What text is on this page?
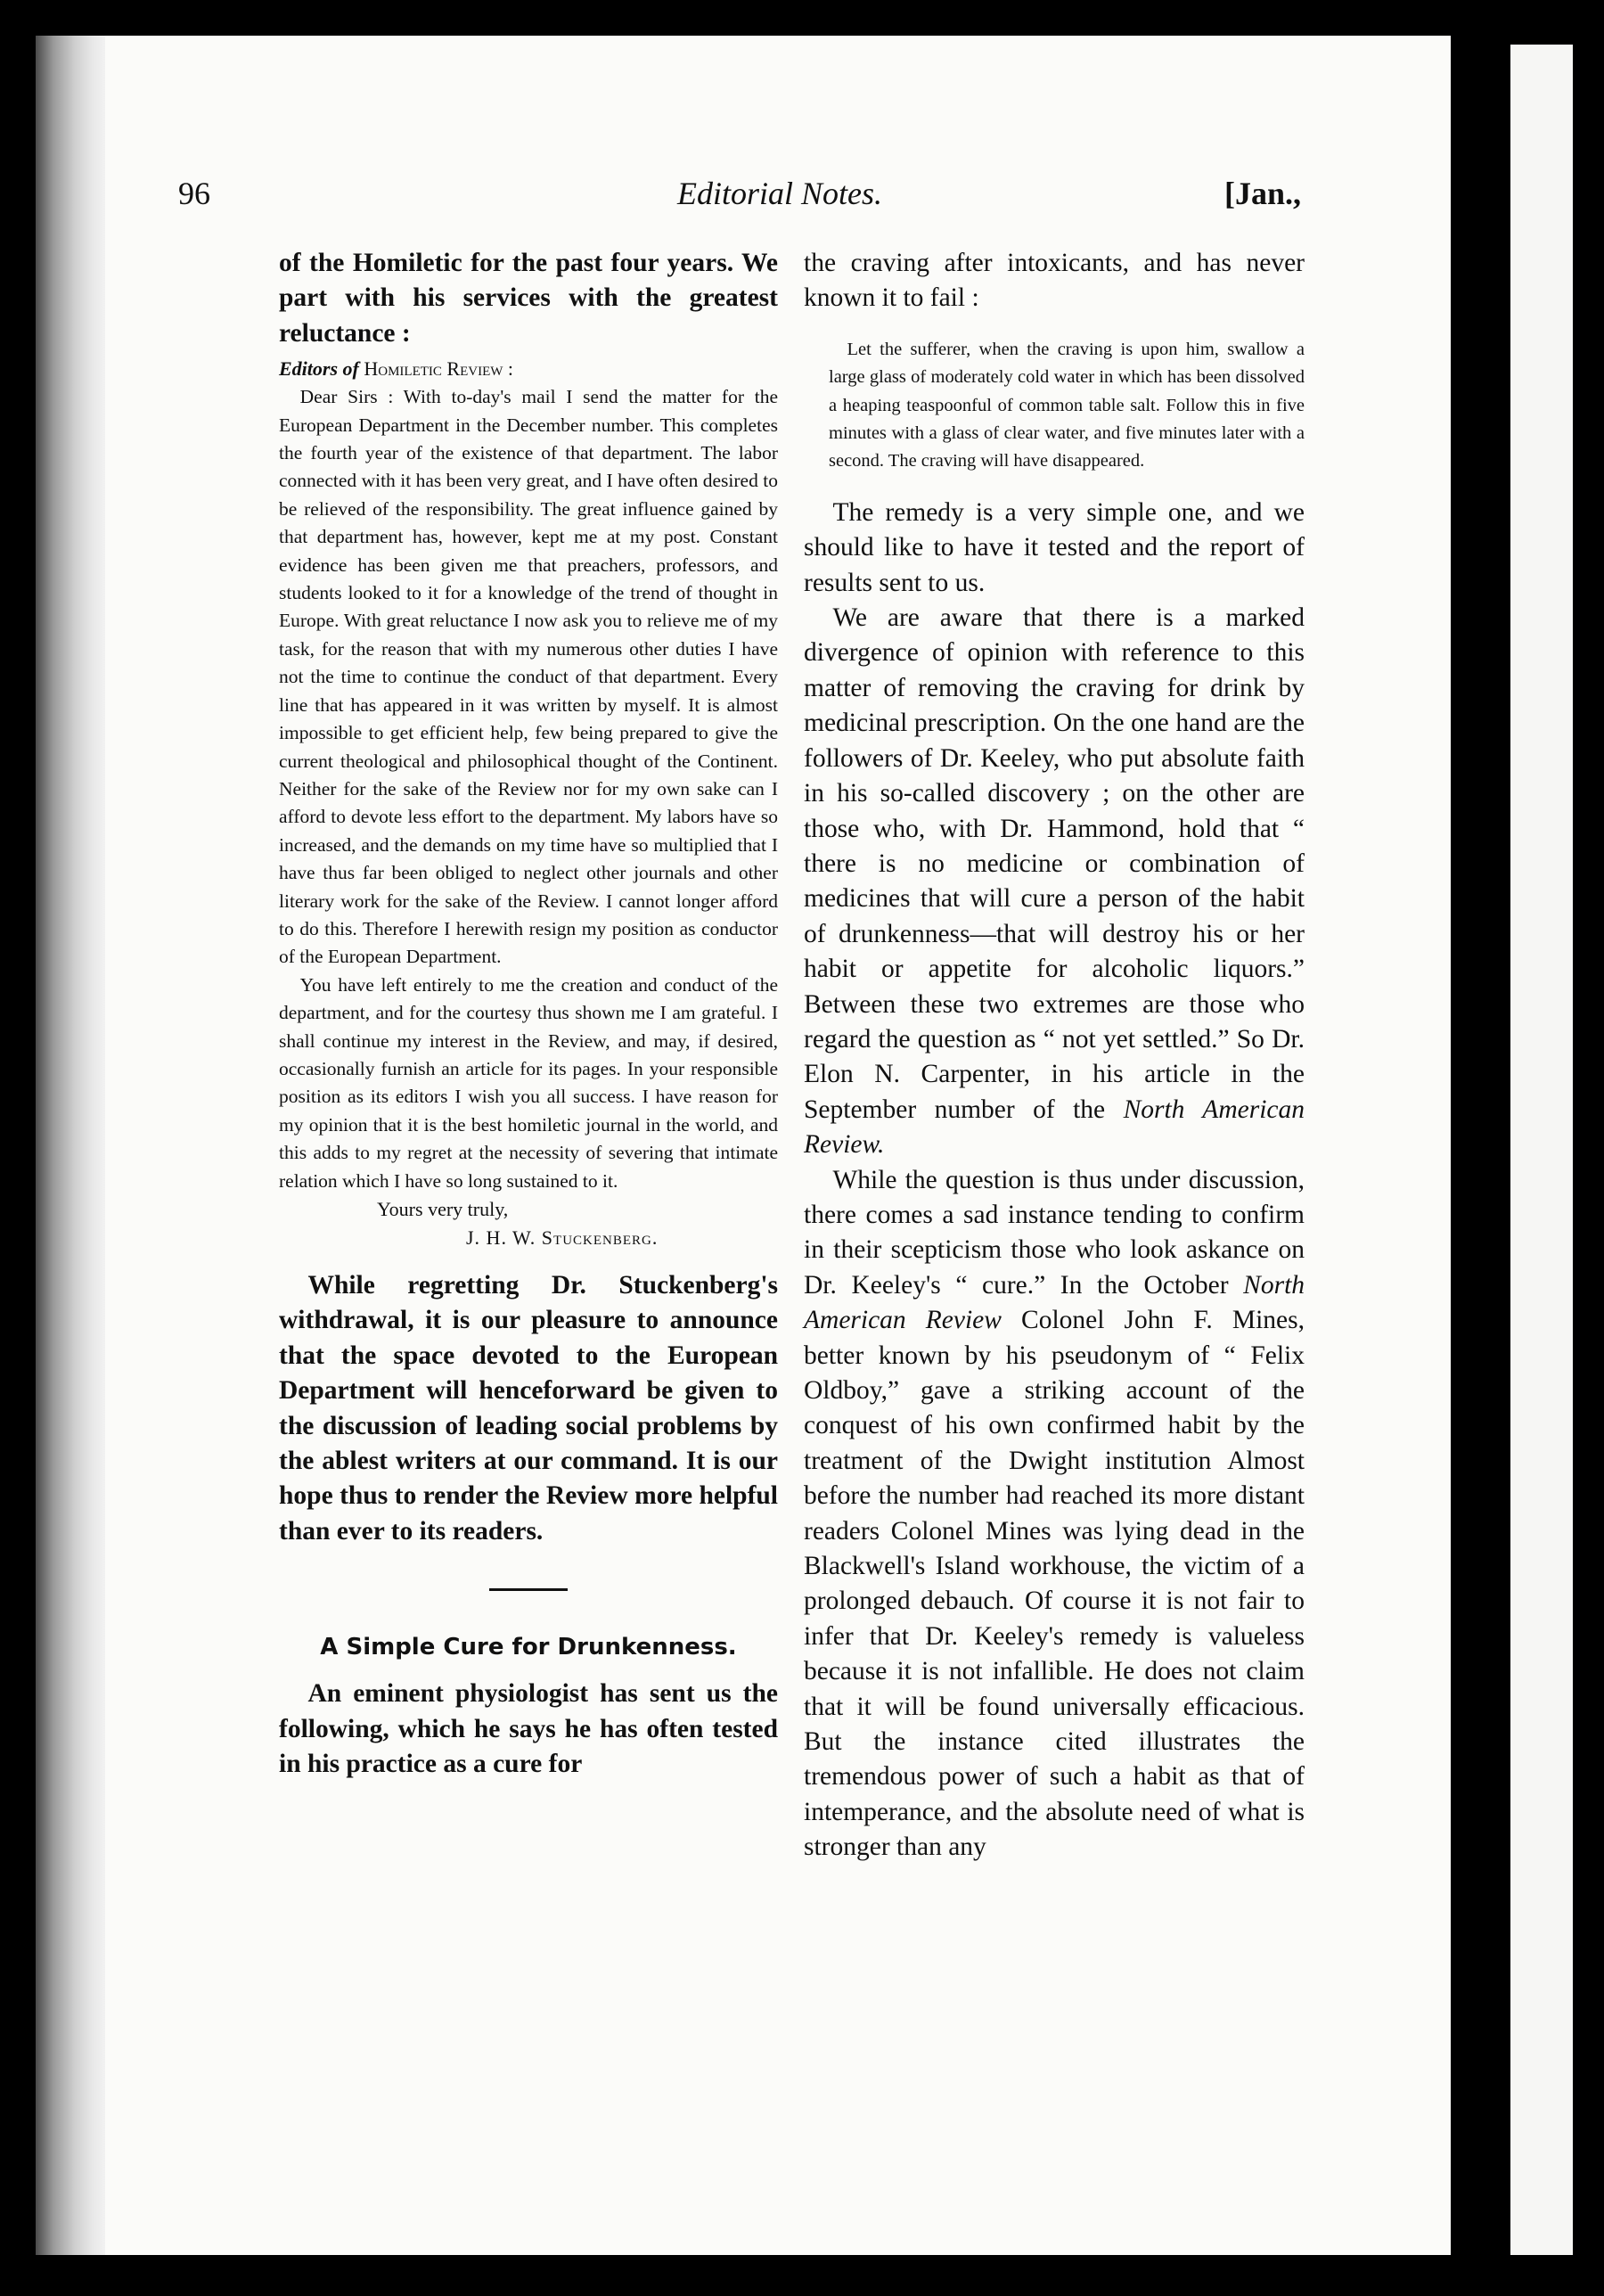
96	Editorial Notes.	[Jan.,

of the Homiletic for the past four years. We part with his services with the greatest reluctance :

Editors of Homiletic Review :

Dear Sirs : With to-day's mail I send the matter for the European Department in the December number. This completes the fourth year of the existence of that department. The labor connected with it has been very great, and I have often desired to be relieved of the responsibility. The great influence gained by that department has, however, kept me at my post. Constant evidence has been given me that preachers, professors, and students looked to it for a knowledge of the trend of thought in Europe. With great reluctance I now ask you to relieve me of my task, for the reason that with my numerous other duties I have not the time to continue the conduct of that department. Every line that has appeared in it was written by myself. It is almost impossible to get efficient help, few being prepared to give the current theological and philosophical thought of the Continent. Neither for the sake of the Review nor for my own sake can I afford to devote less effort to the department. My labors have so increased, and the demands on my time have so multiplied that I have thus far been obliged to neglect other journals and other literary work for the sake of the Review. I cannot longer afford to do this. Therefore I herewith resign my position as conductor of the European Department.

You have left entirely to me the creation and conduct of the department, and for the courtesy thus shown me I am grateful. I shall continue my interest in the Review, and may, if desired, occasionally furnish an article for its pages. In your responsible position as its editors I wish you all success. I have reason for my opinion that it is the best homiletic journal in the world, and this adds to my regret at the necessity of severing that intimate relation which I have so long sustained to it.

Yours very truly,

J. H. W. Stuckenberg.

While regretting Dr. Stuckenberg's withdrawal, it is our pleasure to announce that the space devoted to the European Department will henceforward be given to the discussion of leading social problems by the ablest writers at our command. It is our hope thus to render the Review more helpful than ever to its readers.

A Simple Cure for Drunkenness.

An eminent physiologist has sent us the following, which he says he has often tested in his practice as a cure for

the craving after intoxicants, and has never known it to fail :

Let the sufferer, when the craving is upon him, swallow a large glass of moderately cold water in which has been dissolved a heaping teaspoonful of common table salt. Follow this in five minutes with a glass of clear water, and five minutes later with a second. The craving will have disappeared.

The remedy is a very simple one, and we should like to have it tested and the report of results sent to us.

We are aware that there is a marked divergence of opinion with reference to this matter of removing the craving for drink by medicinal prescription. On the one hand are the followers of Dr. Keeley, who put absolute faith in his so-called discovery ; on the other are those who, with Dr. Hammond, hold that “ there is no medicine or combination of medicines that will cure a person of the habit of drunkenness—that will destroy his or her habit or appetite for alcoholic liquors.” Between these two extremes are those who regard the question as “ not yet settled.” So Dr. Elon N. Carpenter, in his article in the September number of the North American Review.

While the question is thus under discussion, there comes a sad instance tending to confirm in their scepticism those who look askance on Dr. Keeley's “ cure.” In the October North American Review Colonel John F. Mines, better known by his pseudonym of “ Felix Oldboy,” gave a striking account of the conquest of his own confirmed habit by the treatment of the Dwight institution Almost before the number had reached its more distant readers Colonel Mines was lying dead in the Blackwell's Island workhouse, the victim of a prolonged debauch. Of course it is not fair to infer that Dr. Keeley's remedy is valueless because it is not infallible. He does not claim that it will be found universally efficacious. But the instance cited illustrates the tremendous power of such a habit as that of intemperance, and the absolute need of what is stronger than any
